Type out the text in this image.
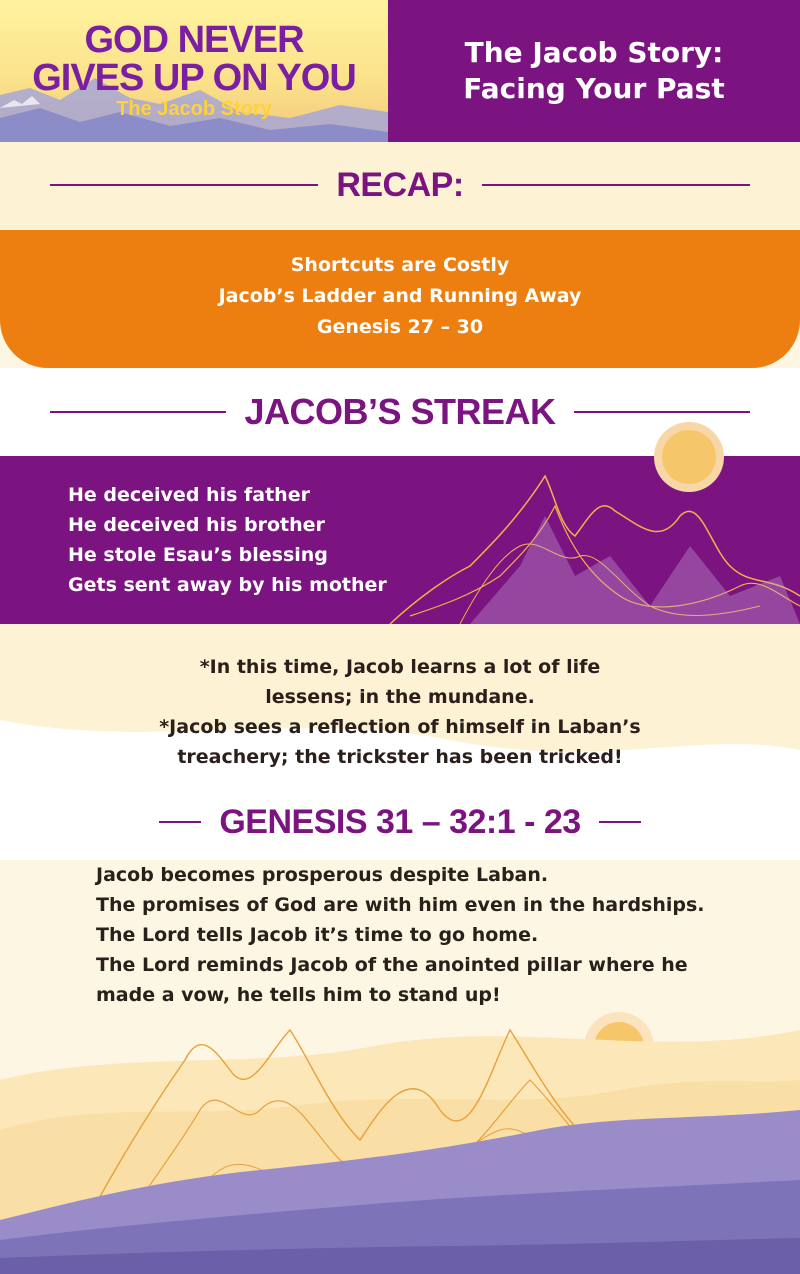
GOD NEVER
GIVES UP ON YOU
The Jacob Story
The Jacob Story:
Facing Your Past
RECAP:
Shortcuts are Costly
Jacob’s Ladder and Running Away
Genesis 27 – 30
JACOB’S STREAK
He deceived his father
He deceived his brother
He stole Esau’s blessing
Gets sent away by his mother
*In this time, Jacob learns a lot of life
lessens; in the mundane.
*Jacob sees a reflection of himself in Laban’s
treachery; the trickster has been tricked!
GENESIS 31 – 32:1 - 23
Jacob becomes prosperous despite Laban.
The promises of God are with him even in the hardships.
The Lord tells Jacob it’s time to go home.
The Lord reminds Jacob of the anointed pillar where he
made a vow, he tells him to stand up!
